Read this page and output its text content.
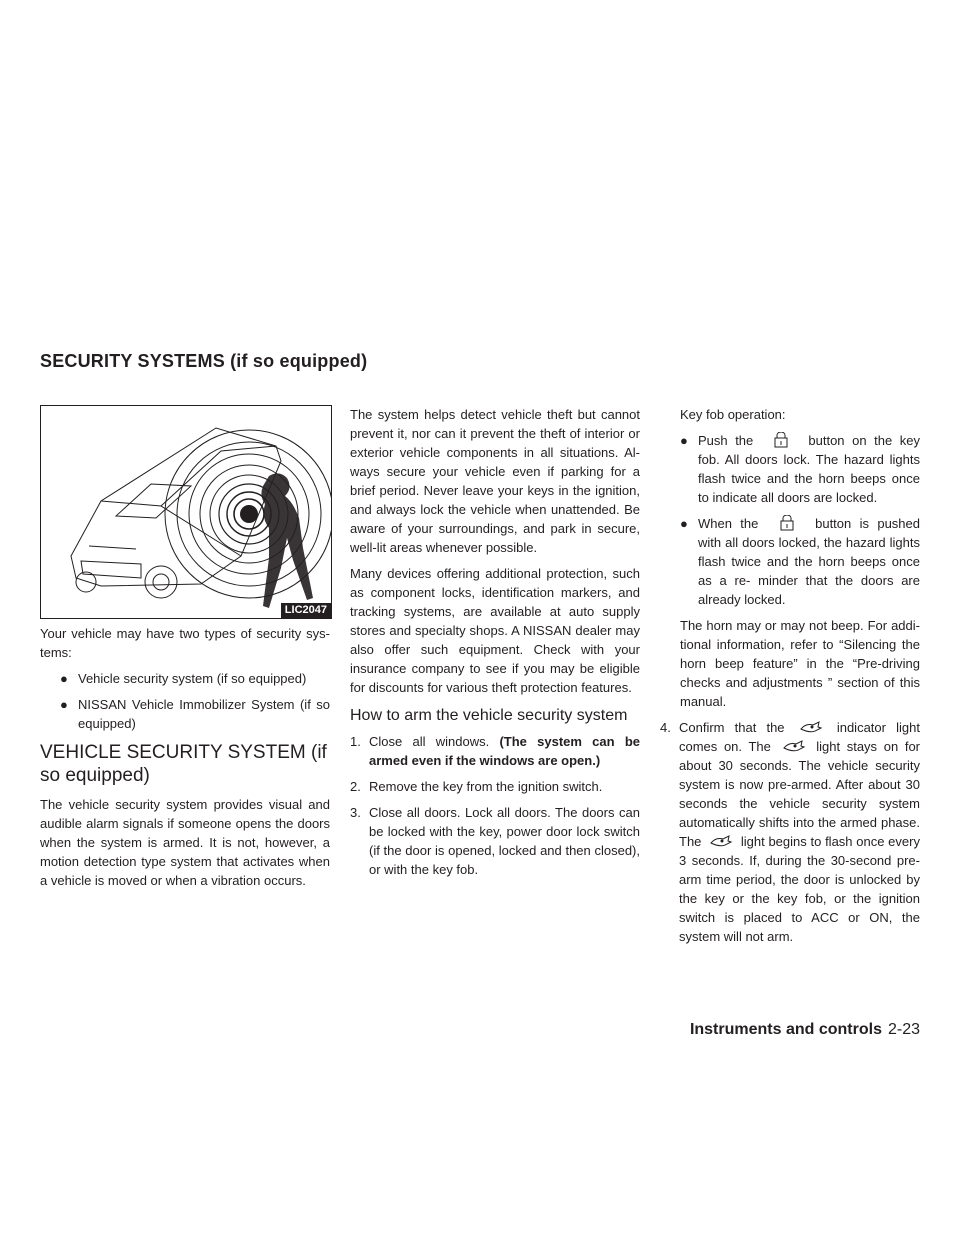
SECURITY SYSTEMS (if so equipped)
LIC2047

Your vehicle may have two types of security sys- tems:

● Vehicle security system (if so equipped)
● NISSAN Vehicle Immobilizer System (if so equipped)
VEHICLE SECURITY SYSTEM (if so equipped)

The vehicle security system provides visual and audible alarm signals if someone opens the doors when the system is armed. It is not, however, a motion detection type system that activates when a vehicle is moved or when a vibration occurs.

The system helps detect vehicle theft but cannot prevent it, nor can it prevent the theft of interior or exterior vehicle components in all situations. Al- ways secure your vehicle even if parking for a brief period. Never leave your keys in the ignition, and always lock the vehicle when unattended. Be aware of your surroundings, and park in secure, well-lit areas whenever possible.

Many devices offering additional protection, such as component locks, identification markers, and tracking systems, are available at auto supply stores and specialty shops. A NISSAN dealer may also offer such equipment. Check with your insurance company to see if you may be eligible for discounts for various theft protection features.

How to arm the vehicle security system
1. Close all windows. (The system can be armed even if the windows are open.)
2. Remove the key from the ignition switch.
3. Close all doors. Lock all doors. The doors can be locked with the key, power door lock switch (if the door is opened, locked and then closed), or with the key fob.

Key fob operation:

● Push the	button on the key fob. All doors lock. The hazard lights flash twice and the horn beeps once to indicate all doors are locked.
● When the	button is pushed with all doors locked, the hazard lights flash twice and the horn beeps once as a re- minder that the doors are already locked.

The horn may or may not beep. For addi- tional information, refer to “Silencing the horn beep feature” in the “Pre-driving checks and adjustments ” section of this manual.

4. Confirm that the	indicator light comes on. The	light stays on for about 30 seconds. The vehicle security system is now pre-armed. After about 30 seconds the vehicle security system automatically shifts into the armed phase. The	light begins to flash once every 3 seconds. If, during the 30-second pre-arm time period, the door is unlocked by the key or the key fob, or the ignition switch is placed to ACC or ON, the system will not arm.
Instruments and controls 2-23
